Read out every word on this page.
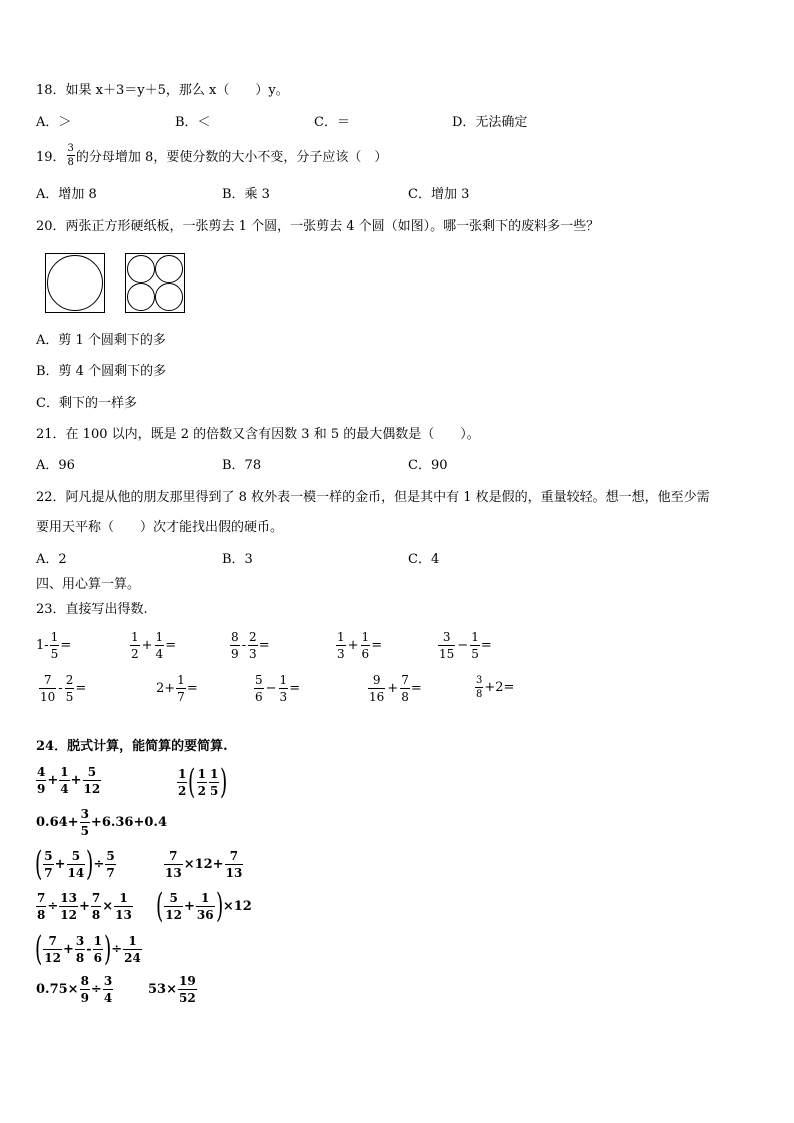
18．如果 x＋3＝y＋5，那么 x（　　）y。
A．＞	B．＜	C．＝	D．无法确定
19． $\frac{3}{8}$ 的分母增加 8，要使分数的大小不变，分子应该（　）
A．增加 8	B．乘 3	C．增加 3
20．两张正方形硬纸板，一张剪去 1 个圆，一张剪去 4 个圆（如图）。哪一张剩下的废料多一些？
A．剪 1 个圆剩下的多
B．剪 4 个圆剩下的多
C．剩下的一样多
21．在 100 以内，既是 2 的倍数又含有因数 3 和 5 的最大偶数是（　　）。
A．96	B．78	C．90
22．阿凡提从他的朋友那里得到了 8 枚外表一模一样的金币，但是其中有 1 枚是假的，重量较轻。想一想，他至少需
要用天平称（　　）次才能找出假的硬币。
A．2	B．3	C．4
四、用心算一算。
23．直接写出得数.
$1- \frac{1}{5}$ =	$\frac{1}{2} + \frac{1}{4}$ =	$\frac{8}{9} - \frac{2}{3}$ =	$\frac{1}{3} + \frac{1}{6}$ =	$\frac{3}{15} - \frac{1}{5}$ =
$\frac{7}{10} - \frac{2}{5}$ =	$2+ \frac{1}{7}$ =	$\frac{5}{6} - \frac{1}{3}$ =	$\frac{9}{16} + \frac{7}{8}$ =	$\frac{3}{8} +2=$
24．脱式计算，能简算的要简算.
$\frac{4}{9} + \frac{1}{4} + \frac{5}{12}$	$\frac{1}{2}$ ( $\frac{1}{2} \frac{1}{5}$ )
$0.64+ \frac{3}{5} +6.36+0.4$
( $\frac{5}{7} + \frac{5}{14}$ ) ÷ $\frac{5}{7}$	$\frac{7}{13} \times 12+ \frac{7}{13}$
$\frac{7}{8} \div \frac{13}{12} + \frac{7}{8} \times \frac{1}{13}$ ( $\frac{5}{12} + \frac{1}{36}$ ) ×12
( $\frac{7}{12} + \frac{3}{8} - \frac{1}{6}$ ) ÷ $\frac{1}{24}$
$0.75\times \frac{8}{9} \div \frac{3}{4}$	$53\times \frac{19}{52}$
